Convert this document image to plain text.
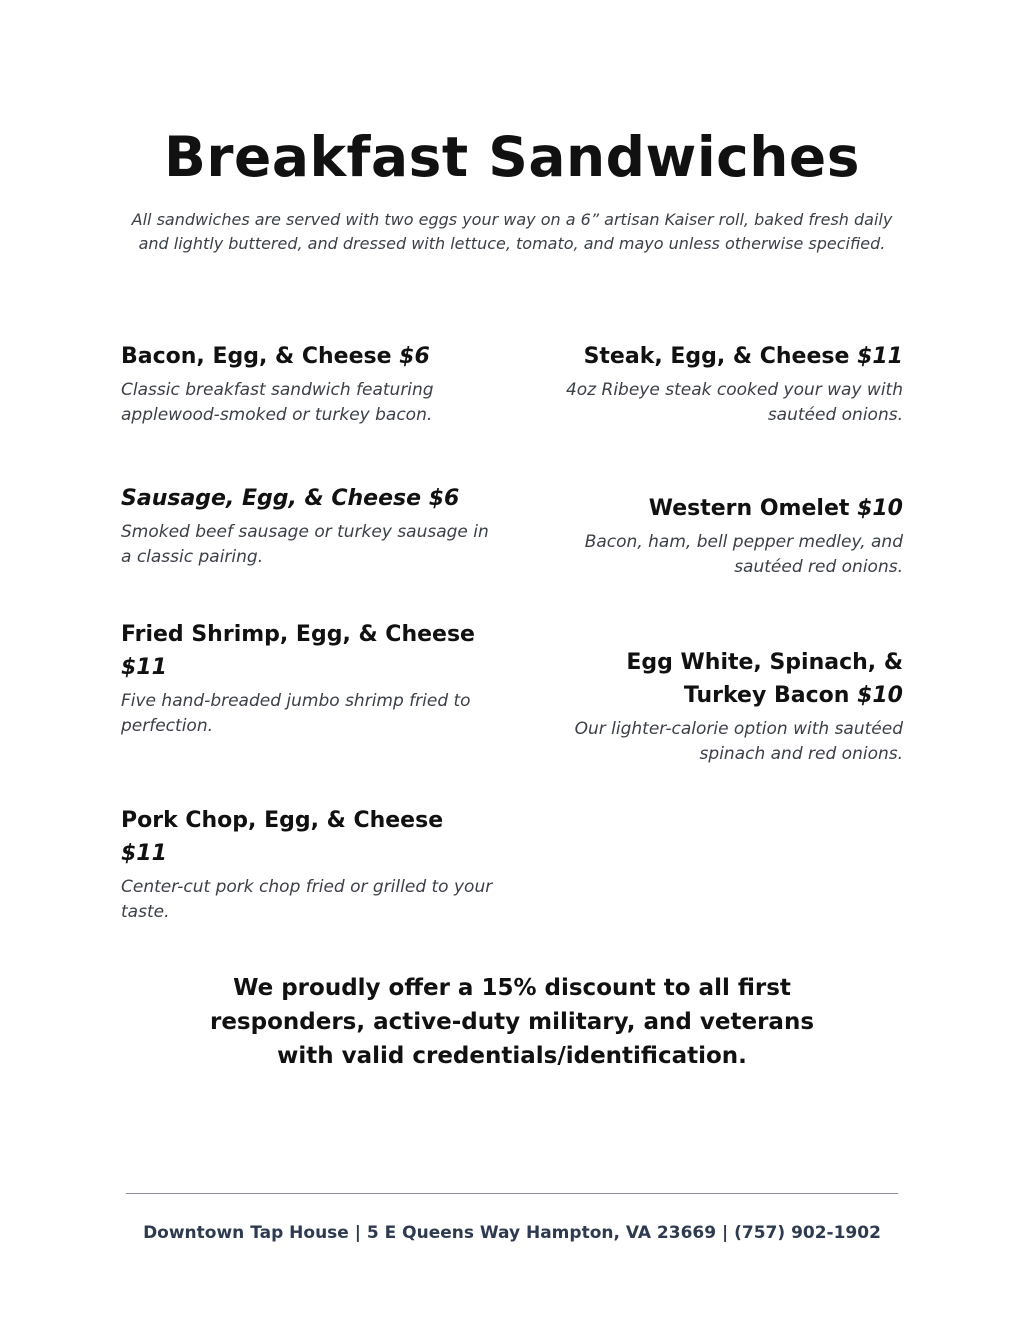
Breakfast Sandwiches
All sandwiches are served with two eggs your way on a 6” artisan Kaiser roll, baked fresh daily and lightly buttered, and dressed with lettuce, tomato, and mayo unless otherwise specified.
Bacon, Egg, & Cheese $6
Classic breakfast sandwich featuring applewood-smoked or turkey bacon.
Sausage, Egg, & Cheese $6
Smoked beef sausage or turkey sausage in a classic pairing.
Fried Shrimp, Egg, & Cheese $11
Five hand-breaded jumbo shrimp fried to perfection.
Pork Chop, Egg, & Cheese $11
Center-cut pork chop fried or grilled to your taste.
Steak, Egg, & Cheese $11
4oz Ribeye steak cooked your way with sautéed onions.
Western Omelet $10
Bacon, ham, bell pepper medley, and sautéed red onions.
Egg White, Spinach, & Turkey Bacon $10
Our lighter-calorie option with sautéed spinach and red onions.
We proudly offer a 15% discount to all first responders, active-duty military, and veterans with valid credentials/identification.
Downtown Tap House | 5 E Queens Way Hampton, VA 23669 | (757) 902-1902
